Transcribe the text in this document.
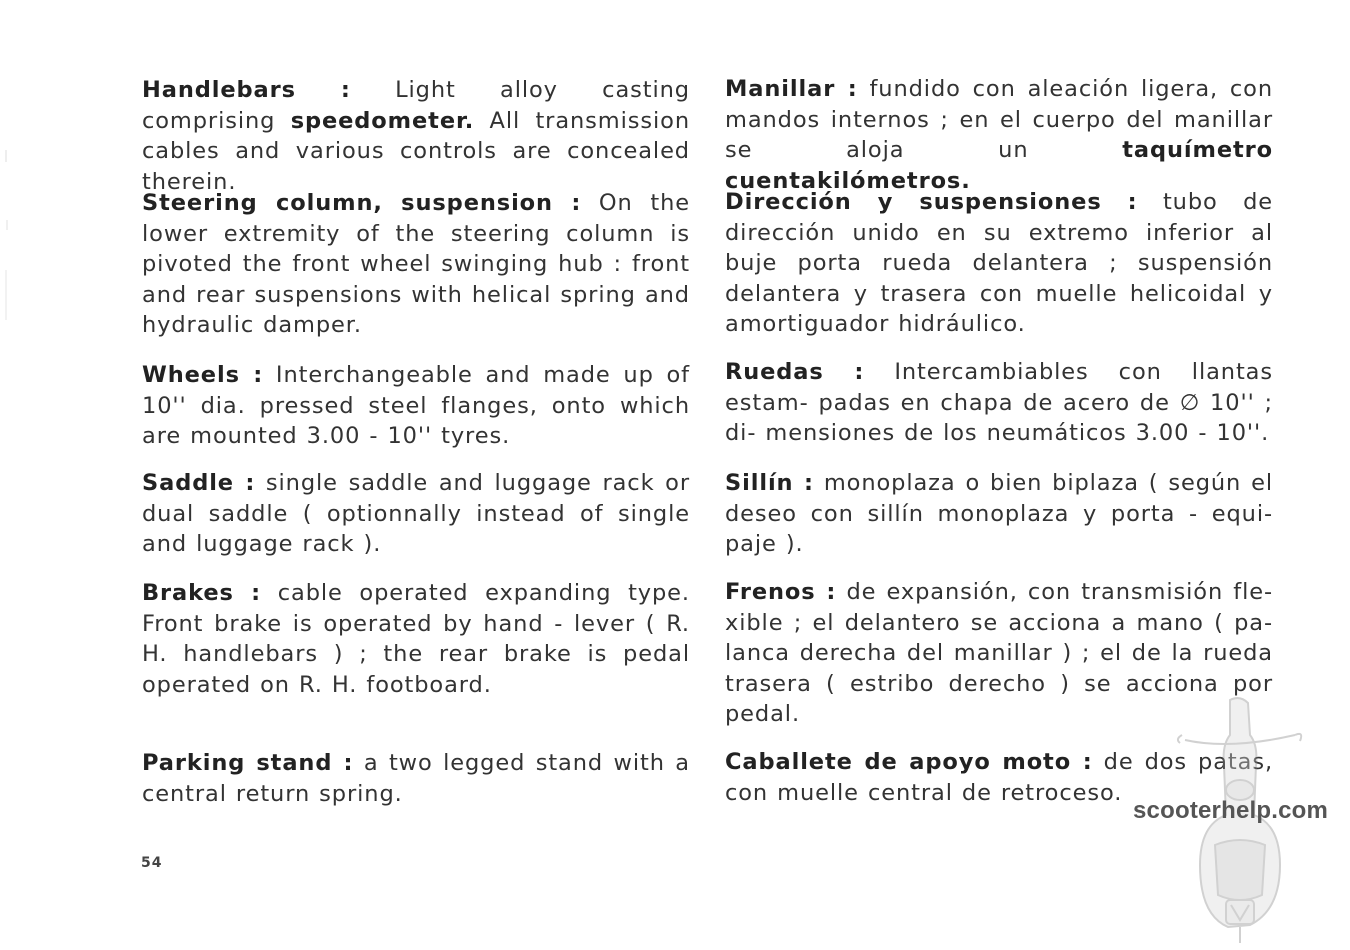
Handlebars : Light alloy casting comprising speedometer. All transmission cables and various controls are concealed therein.

Steering column, suspension : On the lower extremity of the steering column is pivoted the front wheel swinging hub : front and rear suspensions with helical spring and hydraulic damper.

Wheels : Interchangeable and made up of 10'' dia. pressed steel flanges, onto which are mounted 3.00 - 10'' tyres.

Saddle : single saddle and luggage rack or dual saddle ( optionnally instead of single and luggage rack ).

Brakes : cable operated expanding type. Front brake is operated by hand - lever ( R. H. handlebars ) ; the rear brake is pedal operated on R. H. footboard.

Parking stand : a two legged stand with a central return spring.

Manillar : fundido con aleación ligera, con mandos internos ; en el cuerpo del manillar se aloja un taquímetro cuentakilómetros.

Dirección y suspensiones : tubo de dirección unido en su extremo inferior al buje porta rueda delantera ; suspensión delantera y trasera con muelle helicoidal y amortiguador hidráulico.

Ruedas : Intercambiables con llantas estam- padas en chapa de acero de ∅ 10'' ; di- mensiones de los neumáticos 3.00 - 10''.

Sillín : monoplaza o bien biplaza ( según el deseo con sillín monoplaza y porta - equi- paje ).

Frenos : de expansión, con transmisión fle- xible ; el delantero se acciona a mano ( pa- lanca derecha del manillar ) ; el de la rueda trasera ( estribo derecho ) se acciona por pedal.

Caballete de apoyo moto : de dos patas, con muelle central de retroceso.

54
scooterhelp.com
